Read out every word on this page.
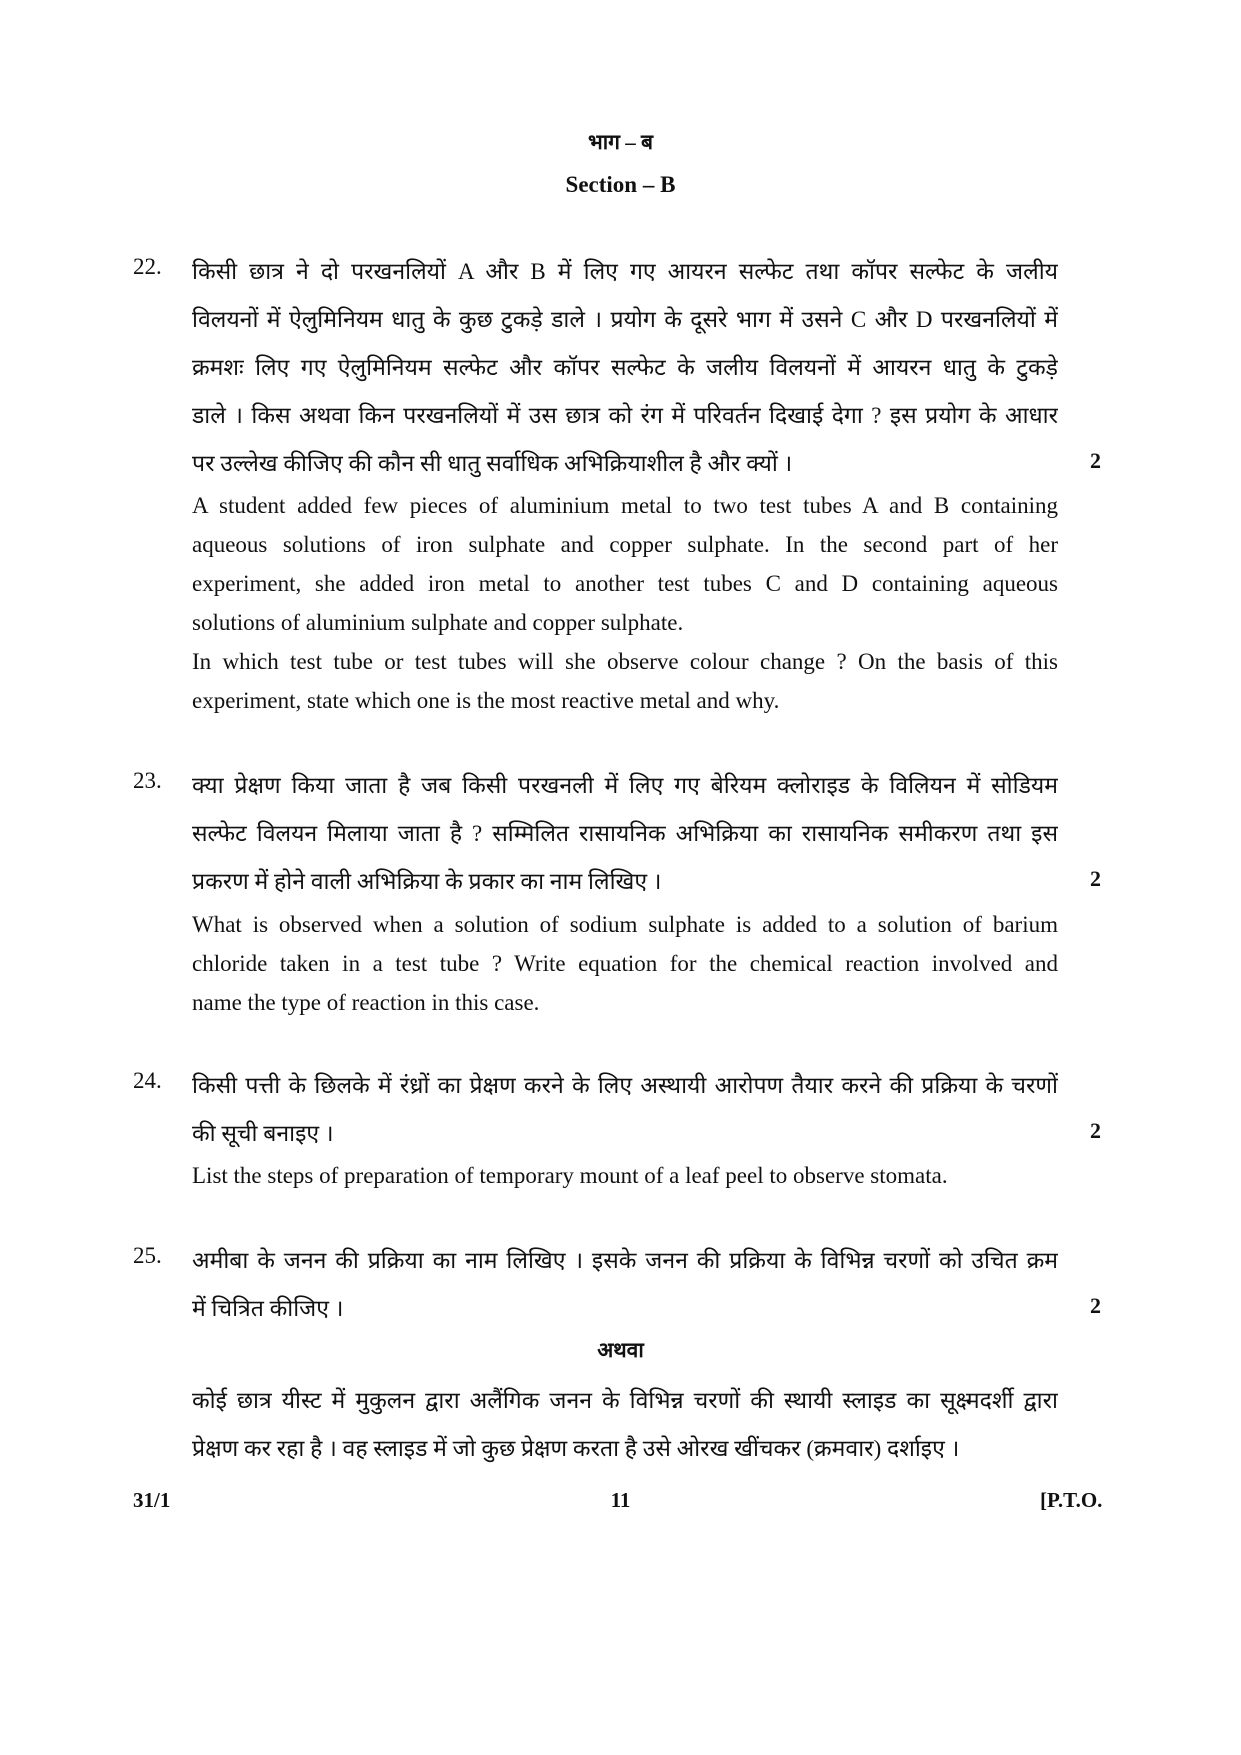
भाग – ब
Section – B
22. किसी छात्र ने दो परखनलियों A और B में लिए गए आयरन सल्फेट तथा कॉपर सल्फेट के जलीय
विलयनों में ऐलुमिनियम धातु के कुछ टुकड़े डाले । प्रयोग के दूसरे भाग में उसने C और D परखनलियों में
क्रमशः लिए गए ऐलुमिनियम सल्फेट और कॉपर सल्फेट के जलीय विलयनों में आयरन धातु के टुकड़े
डाले । किस अथवा किन परखनलियों में उस छात्र को रंग में परिवर्तन दिखाई देगा ? इस प्रयोग के आधार
पर उल्लेख कीजिए की कौन सी धातु सर्वाधिक अभिक्रियाशील है और क्यों ।	2
A student added few pieces of aluminium metal to two test tubes A and B containing
aqueous solutions of iron sulphate and copper sulphate. In the second part of her
experiment, she added iron metal to another test tubes C and D containing aqueous
solutions of aluminium sulphate and copper sulphate.
In which test tube or test tubes will she observe colour change ? On the basis of this
experiment, state which one is the most reactive metal and why.
23. क्या प्रेक्षण किया जाता है जब किसी परखनली में लिए गए बेरियम क्लोराइड के विलियन में सोडियम
सल्फेट विलयन मिलाया जाता है ? सम्मिलित रासायनिक अभिक्रिया का रासायनिक समीकरण तथा इस
प्रकरण में होने वाली अभिक्रिया के प्रकार का नाम लिखिए ।	2
What is observed when a solution of sodium sulphate is added to a solution of barium
chloride taken in a test tube ? Write equation for the chemical reaction involved and
name the type of reaction in this case.
24. किसी पत्ती के छिलके में रंध्रों का प्रेक्षण करने के लिए अस्थायी आरोपण तैयार करने की प्रक्रिया के चरणों
की सूची बनाइए ।	2
List the steps of preparation of temporary mount of a leaf peel to observe stomata.
25. अमीबा के जनन की प्रक्रिया का नाम लिखिए । इसके जनन की प्रक्रिया के विभिन्न चरणों को उचित क्रम
में चित्रित कीजिए ।	2
अथवा
कोई छात्र यीस्ट में मुकुलन द्वारा अलैंगिक जनन के विभिन्न चरणों की स्थायी स्लाइड का सूक्ष्मदर्शी द्वारा
प्रेक्षण कर रहा है । वह स्लाइड में जो कुछ प्रेक्षण करता है उसे ओरख खींचकर (क्रमवार) दर्शाइए ।
31/1	11	[P.T.O.
